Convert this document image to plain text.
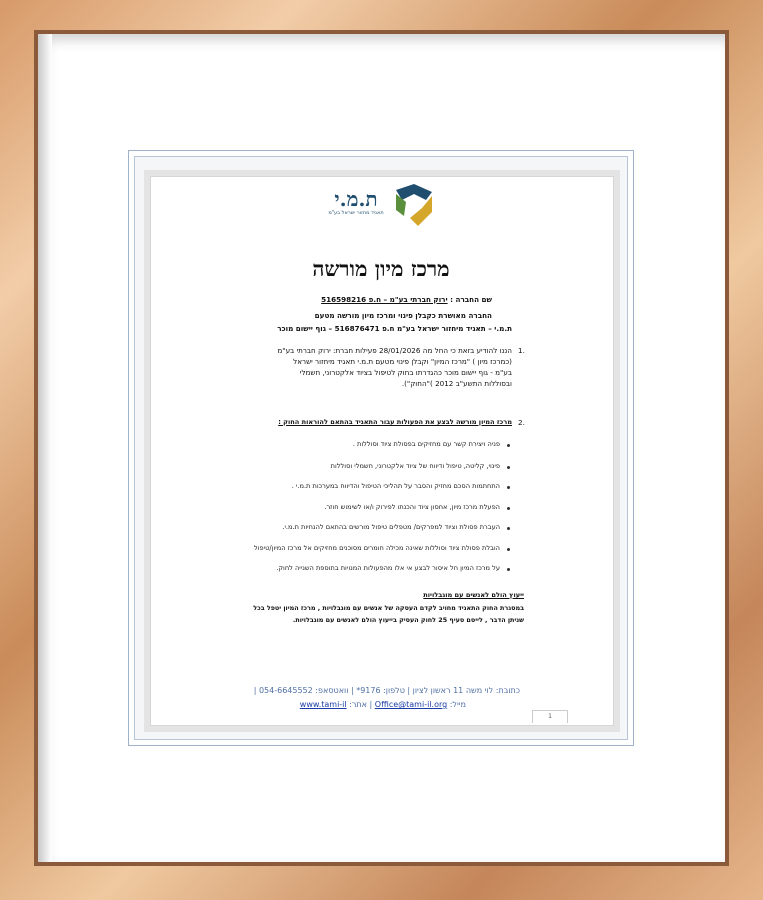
ת.מ.י
תאגיד מחזור ישראל בע"מ
מרכז מיון מורשה
שם החברה : ירוק חברתי בע"מ – ח.פ 516598216
החברה מאושרת כקבלן פינוי ומרכז מיון מורשה מטעם
ת.מ.י – תאגיד מיחזור ישראל בע"מ ח.פ 516876471 – גוף יישום מוכר
1.
הננו להודיע בזאת כי החל מה 28/01/2026 פעילות חברת: ירוק חברתי בע"מ
(כמרכז מיון ) "מרכז המיון" וקבלן פינוי מטעם ת.מ.י תאגיד מיחזור ישראל
בע"מ - גוף יישום מוכר כהגדרתו בחוק לטיפול בציוד אלקטרוני, חשמלי
ובסוללות התשע"ב 2012 )"החוק").
2.
מרכז המיון מורשה לבצע את הפעולות עבור התאגיד בהתאם להוראות החוק :
פניה ויצירת קשר עם מחזיקים בפסולת ציוד וסוללות .
פינוי, קליטה, טיפול ודיווח של ציוד אלקטרוני, חשמלי וסוללות
התחתמות הסכם מחזיק והסבר על תהליכי הטיפול והדיווח במערכות ת.מ.י .
הפעלת מרכז מיון, אחסון ציוד והכנתו לפירוק ו/או לשימוש חוזר.
העברת פסולת וציוד למפרקים/ מטפלים טיפול מורשים בהתאם להנחיות ת.מ.י.
הובלת פסולת ציוד וסוללות שאינה מכילה חומרים מסוכנים מחזיקים אל מרכז המיון/טיפול
על מרכז המיון חל איסור לבצע אי אלו מהפעולות המנויות בתוספת השנייה לחוק.
ייעוץ הולם לאנשים עם מוגבלויות
במסגרת החוק התאגיד מחויב לקדם העסקה של אנשים עם מוגבלויות , מרכז המיון יטפל בכל
שניתן הדבר , לייסם סעיף 25 לחוק העסיק בייעוץ הולם לאנשים עם מוגבלויות.
כתובת: לוי משה 11 ראשון לציון | טלפון: 9176* | וואטסאפ: 054-6645552 |
מייל: Office@tami-il.org | אתר: www.tami-il
1
